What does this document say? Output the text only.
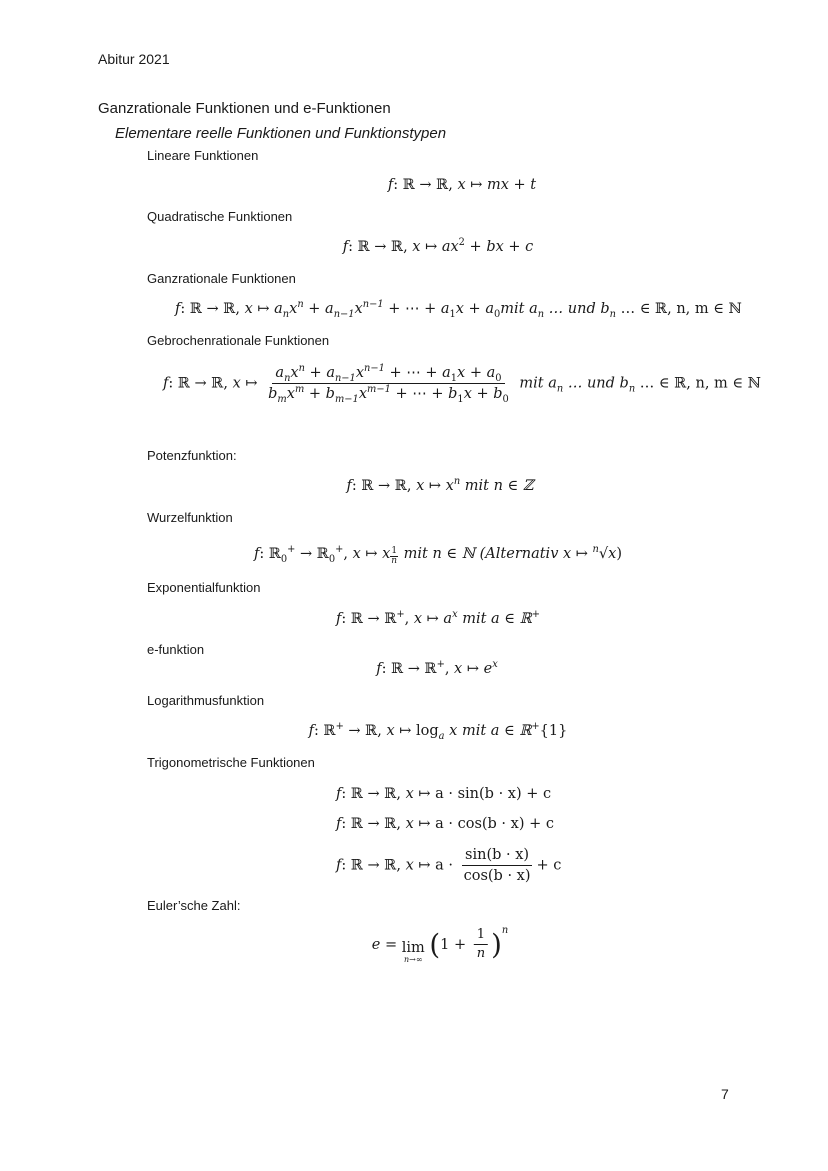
Abitur 2021
Ganzrationale Funktionen und e-Funktionen
Elementare reelle Funktionen und Funktionstypen
Lineare Funktionen
f: ℝ → ℝ, x ↦ mx + t
Quadratische Funktionen
f: ℝ → ℝ, x ↦ $ax^2$ + bx + c
Ganzrationale Funktionen
f: ℝ → ℝ, x ↦ $a_nx^n + a_{n-1}x^{n-1}$ + ⋯ + $a_1x + a_0mit$ $a_n$ … und $b_n$ … ∈ ℝ, n, m ∈ ℕ
Gebrochenrationale Funktionen
f: ℝ → ℝ, x ↦ $\frac{a_nx^n + a_{n-1}x^{n-1} + \cdots + a_1x + a_0}{b_mx^m + b_{m-1}x^{m-1} + \cdots + b_1x + b_0}$ mit $a_n$ … und $b_n$ … ∈ ℝ, n, m ∈ ℕ
Potenzfunktion:
f: ℝ → ℝ, x ↦ $x^n$ mit n ∈ ℤ
Wurzelfunktion
f: ℝ$_0$+ → ℝ$_0$+, x ↦ x $\frac{1}{n}$ mit n ∈ ℕ (Alternativ x ↦ $^n$√x)
Exponentialfunktion
f: ℝ → ℝ+, x ↦ $a^x$ mit a ∈ ℝ+
e-funktion
f: ℝ → ℝ+, x ↦ $e^x$
Logarithmusfunktion
f: ℝ+ → ℝ, x ↦ $\log_a x$ mit a ∈ ℝ+{1}
Trigonometrische Funktionen
f: ℝ → ℝ, x ↦ a · sin(b · x) + c
f: ℝ → ℝ, x ↦ a · cos(b · x) + c
f: ℝ → ℝ, x ↦ $a \cdot \frac{\sin(b \cdot x)}{\cos(b \cdot x)} + c$
Euler’sche Zahl:
e = lim
n→∞ $(1 + \frac{1}{n} )^n$
7
